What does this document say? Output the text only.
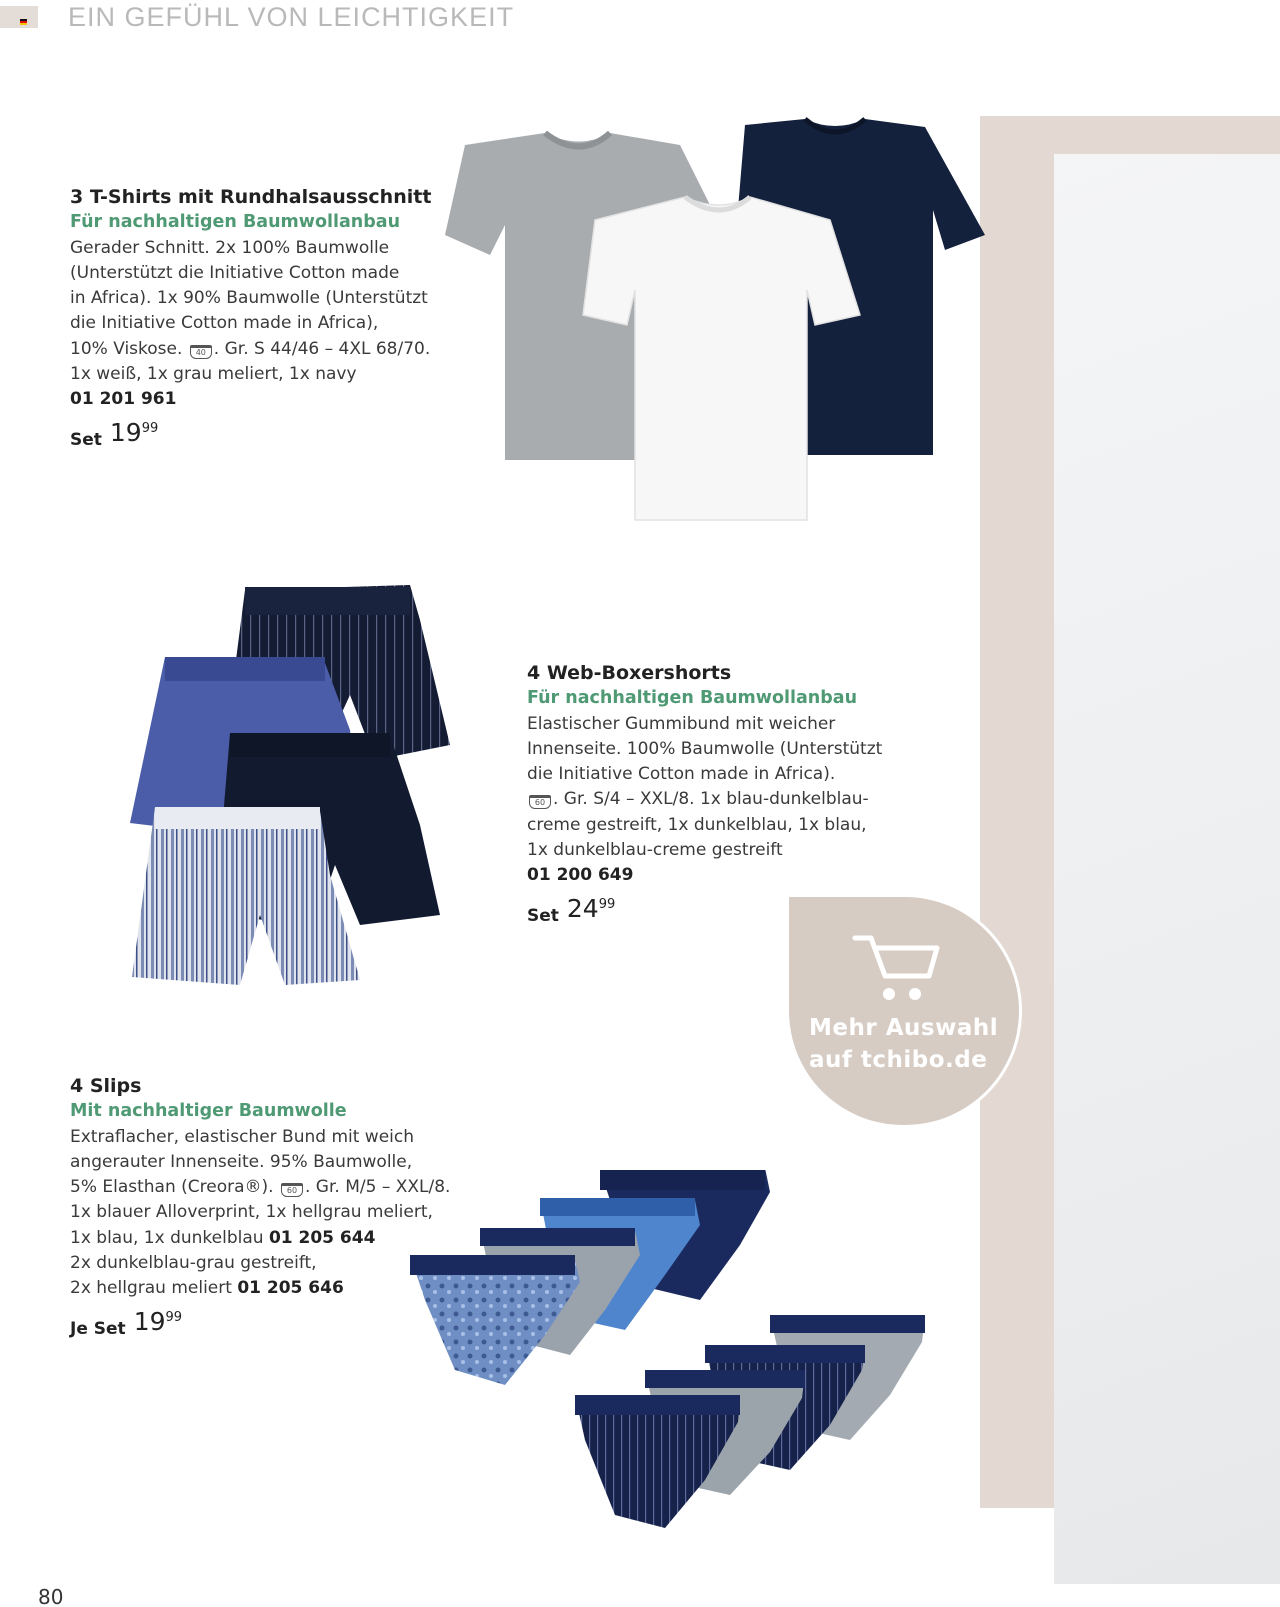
EIN GEFÜHL VON LEICHTIGKEIT
3 T-Shirts mit Rundhalsausschnitt
Für nachhaltigen Baumwollanbau
Gerader Schnitt. 2x 100% Baumwolle
(Unterstützt die Initiative Cotton made
in Africa). 1x 90% Baumwolle (Unterstützt
die Initiative Cotton made in Africa),
10% Viskose. 40 . Gr. S 44/46 – 4XL 68/70.
1x weiß, 1x grau meliert, 1x navy
01 201 961
Set 19 99
4 Web-Boxershorts
Für nachhaltigen Baumwollanbau
Elastischer Gummibund mit weicher
Innenseite. 100% Baumwolle (Unterstützt
die Initiative Cotton made in Africa).
60 . Gr. S/4 – XXL/8. 1x blau-dunkelblau-
creme gestreift, 1x dunkelblau, 1x blau,
1x dunkelblau-creme gestreift
01 200 649
Set 24 99
Mehr Auswahl
auf tchibo.de
4 Slips
Mit nachhaltiger Baumwolle
Extraflacher, elastischer Bund mit weich
angerauter Innenseite. 95% Baumwolle,
5% Elasthan (Creora®). 60 . Gr. M/5 – XXL/8.
1x blauer Alloverprint, 1x hellgrau meliert,
1x blau, 1x dunkelblau 01 205 644
2x dunkelblau-grau gestreift,
2x hellgrau meliert 01 205 646
Je Set 19 99
80
